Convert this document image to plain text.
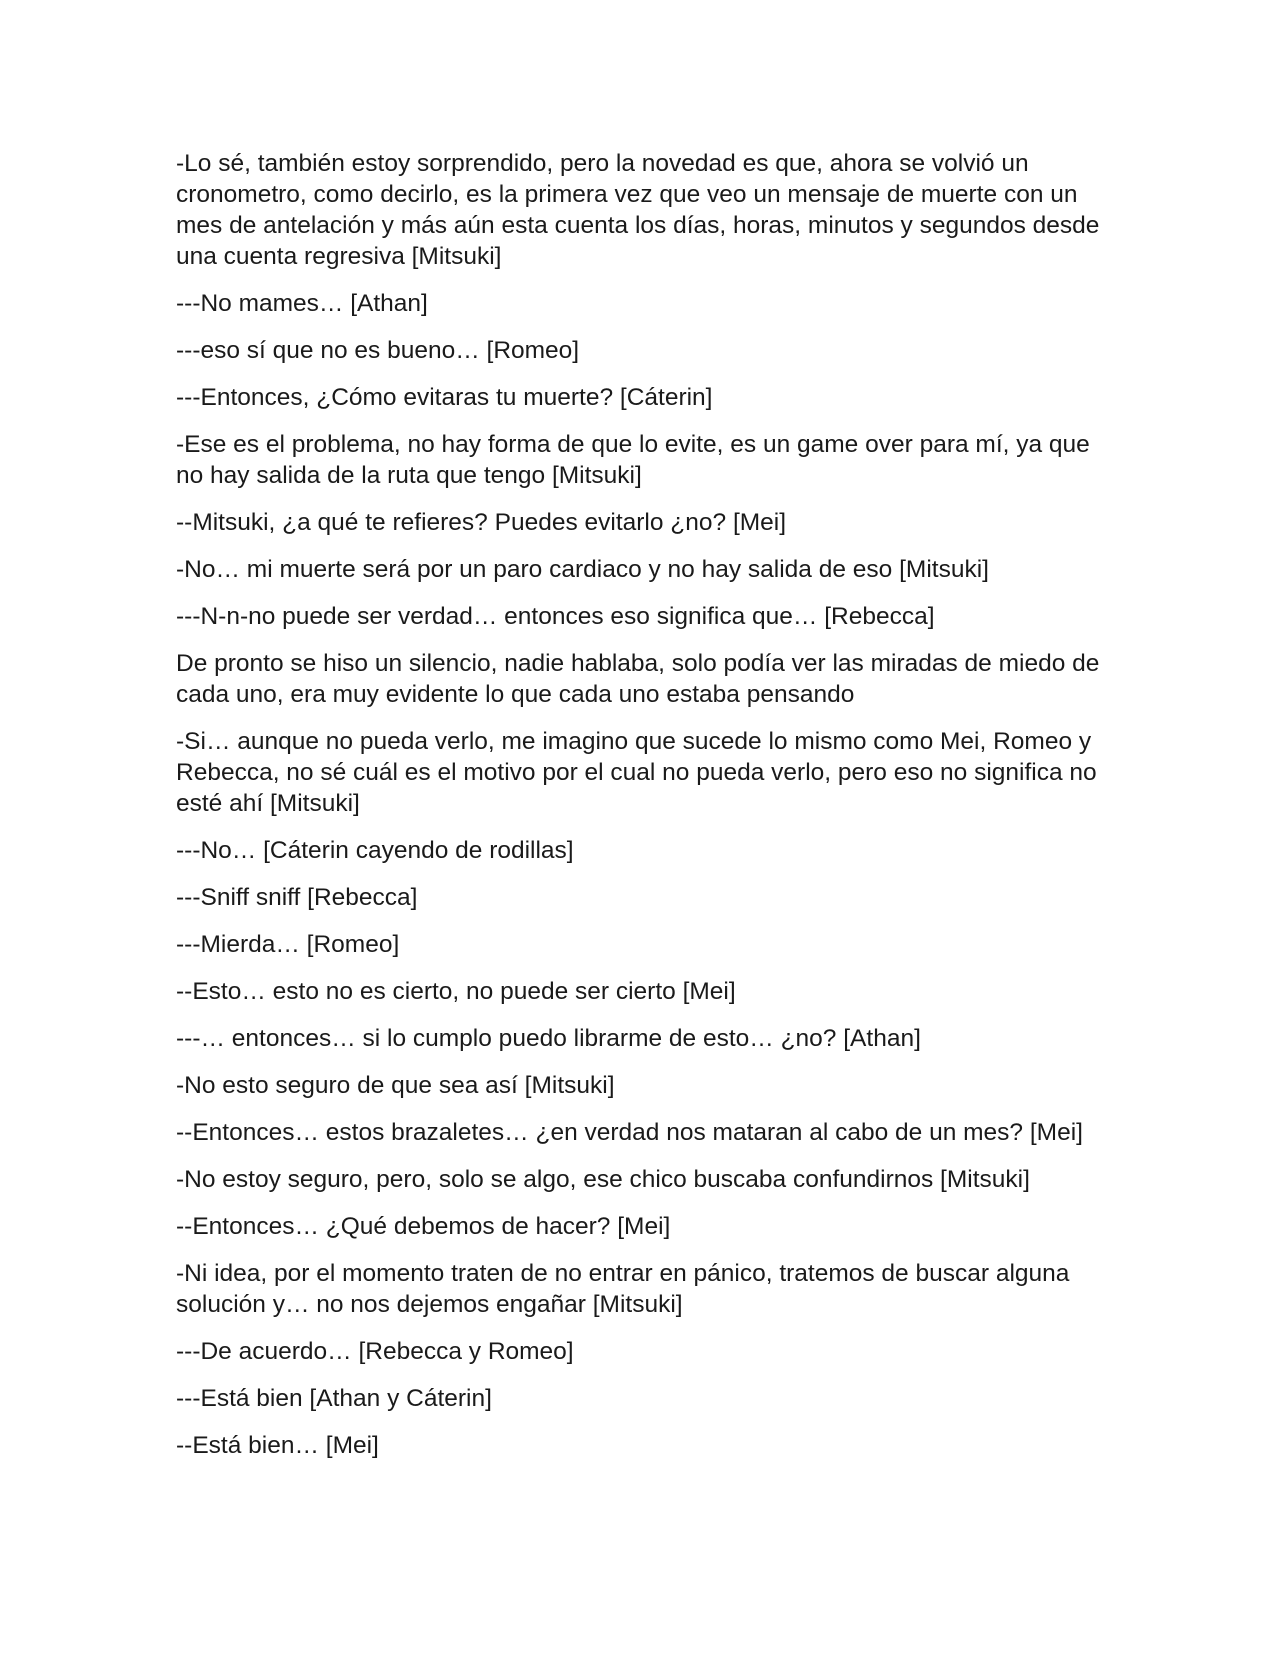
-Lo sé, también estoy sorprendido, pero la novedad es que, ahora se volvió un cronometro, como decirlo, es la primera vez que veo un mensaje de muerte con un mes de antelación y más aún esta cuenta los días, horas, minutos y segundos desde una cuenta regresiva [Mitsuki]

---No mames… [Athan]

---eso sí que no es bueno… [Romeo]

---Entonces, ¿Cómo evitaras tu muerte? [Cáterin]

-Ese es el problema, no hay forma de que lo evite, es un game over para mí, ya que no hay salida de la ruta que tengo [Mitsuki]

--Mitsuki, ¿a qué te refieres? Puedes evitarlo ¿no? [Mei]

-No… mi muerte será por un paro cardiaco y no hay salida de eso [Mitsuki]

---N-n-no puede ser verdad… entonces eso significa que… [Rebecca]

De pronto se hiso un silencio, nadie hablaba, solo podía ver las miradas de miedo de cada uno, era muy evidente lo que cada uno estaba pensando

-Si… aunque no pueda verlo, me imagino que sucede lo mismo como Mei, Romeo y Rebecca, no sé cuál es el motivo por el cual no pueda verlo, pero eso no significa no esté ahí [Mitsuki]

---No… [Cáterin cayendo de rodillas]

---Sniff sniff [Rebecca]

---Mierda… [Romeo]

--Esto… esto no es cierto, no puede ser cierto [Mei]

---… entonces… si lo cumplo puedo librarme de esto… ¿no? [Athan]

-No esto seguro de que sea así [Mitsuki]

--Entonces… estos brazaletes… ¿en verdad nos mataran al cabo de un mes? [Mei]

-No estoy seguro, pero, solo se algo, ese chico buscaba confundirnos [Mitsuki]

--Entonces… ¿Qué debemos de hacer? [Mei]

-Ni idea, por el momento traten de no entrar en pánico, tratemos de buscar alguna solución y… no nos dejemos engañar [Mitsuki]

---De acuerdo… [Rebecca y Romeo]

---Está bien [Athan y Cáterin]

--Está bien… [Mei]
